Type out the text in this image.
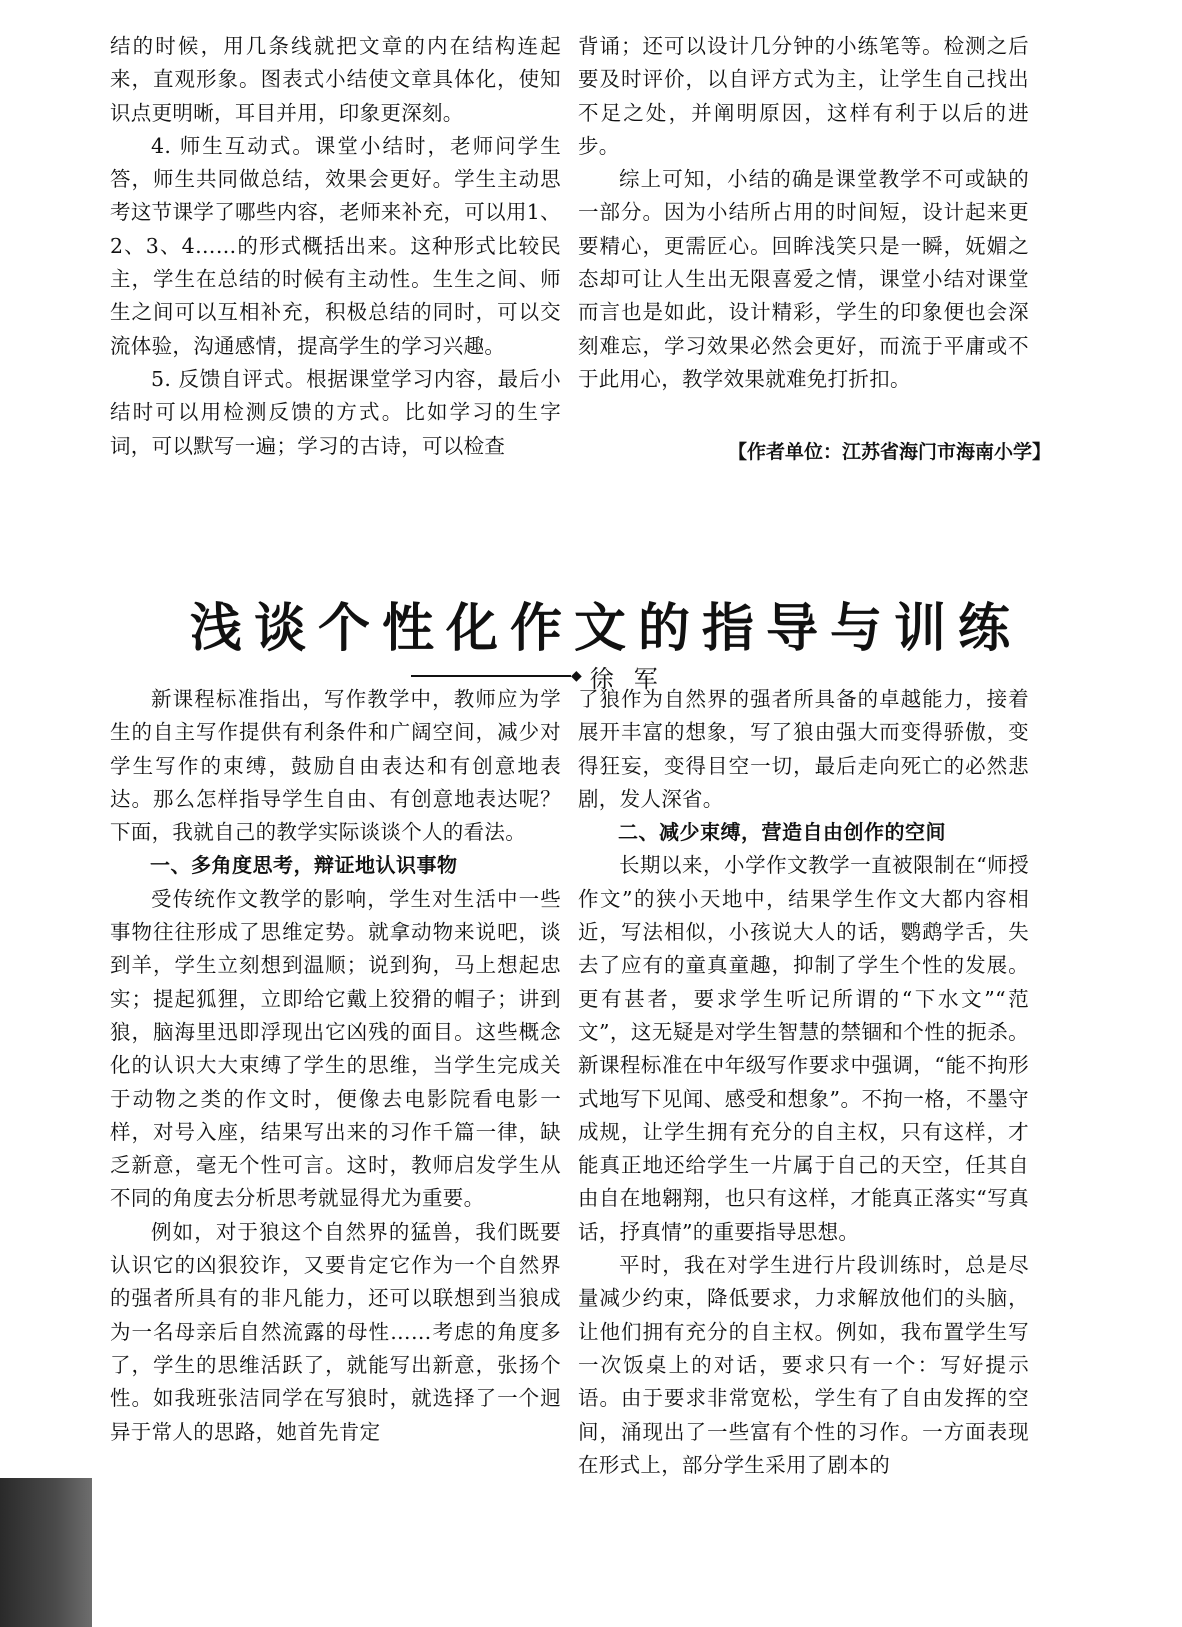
结的时候，用几条线就把文章的内在结构连起来，直观形象。图表式小结使文章具体化，使知识点更明晰，耳目并用，印象更深刻。

4. 师生互动式。课堂小结时，老师问学生答，师生共同做总结，效果会更好。学生主动思考这节课学了哪些内容，老师来补充，可以用1、2、3、4……的形式概括出来。这种形式比较民主，学生在总结的时候有主动性。生生之间、师生之间可以互相补充，积极总结的同时，可以交流体验，沟通感情，提高学生的学习兴趣。

5. 反馈自评式。根据课堂学习内容，最后小结时可以用检测反馈的方式。比如学习的生字词，可以默写一遍；学习的古诗，可以检查

背诵；还可以设计几分钟的小练笔等。检测之后要及时评价，以自评方式为主，让学生自己找出不足之处，并阐明原因，这样有利于以后的进步。

综上可知，小结的确是课堂教学不可或缺的一部分。因为小结所占用的时间短，设计起来更要精心，更需匠心。回眸浅笑只是一瞬，妩媚之态却可让人生出无限喜爱之情，课堂小结对课堂而言也是如此，设计精彩，学生的印象便也会深刻难忘，学习效果必然会更好，而流于平庸或不于此用心，教学效果就难免打折扣。

【作者单位：江苏省海门市海南小学】
浅谈个性化作文的指导与训练
◆ 徐军

新课程标准指出，写作教学中，教师应为学生的自主写作提供有利条件和广阔空间，减少对学生写作的束缚，鼓励自由表达和有创意地表达。那么怎样指导学生自由、有创意地表达呢？下面，我就自己的教学实际谈谈个人的看法。

一、多角度思考，辩证地认识事物

受传统作文教学的影响，学生对生活中一些事物往往形成了思维定势。就拿动物来说吧，谈到羊，学生立刻想到温顺；说到狗，马上想起忠实；提起狐狸，立即给它戴上狡猾的帽子；讲到狼，脑海里迅即浮现出它凶残的面目。这些概念化的认识大大束缚了学生的思维，当学生完成关于动物之类的作文时，便像去电影院看电影一样，对号入座，结果写出来的习作千篇一律，缺乏新意，毫无个性可言。这时，教师启发学生从不同的角度去分析思考就显得尤为重要。

例如，对于狼这个自然界的猛兽，我们既要认识它的凶狠狡诈，又要肯定它作为一个自然界的强者所具有的非凡能力，还可以联想到当狼成为一名母亲后自然流露的母性……考虑的角度多了，学生的思维活跃了，就能写出新意，张扬个性。如我班张洁同学在写狼时，就选择了一个迥异于常人的思路，她首先肯定

了狼作为自然界的强者所具备的卓越能力，接着展开丰富的想象，写了狼由强大而变得骄傲，变得狂妄，变得目空一切，最后走向死亡的必然悲剧，发人深省。

二、减少束缚，营造自由创作的空间

长期以来，小学作文教学一直被限制在“师授作文”的狭小天地中，结果学生作文大都内容相近，写法相似，小孩说大人的话，鹦鹉学舌，失去了应有的童真童趣，抑制了学生个性的发展。更有甚者，要求学生听记所谓的“下水文”“范文”，这无疑是对学生智慧的禁锢和个性的扼杀。新课程标准在中年级写作要求中强调，“能不拘形式地写下见闻、感受和想象”。不拘一格，不墨守成规，让学生拥有充分的自主权，只有这样，才能真正地还给学生一片属于自己的天空，任其自由自在地翱翔，也只有这样，才能真正落实“写真话，抒真情”的重要指导思想。

平时，我在对学生进行片段训练时，总是尽量减少约束，降低要求，力求解放他们的头脑，让他们拥有充分的自主权。例如，我布置学生写一次饭桌上的对话，要求只有一个：写好提示语。由于要求非常宽松，学生有了自由发挥的空间，涌现出了一些富有个性的习作。一方面表现在形式上，部分学生采用了剧本的
